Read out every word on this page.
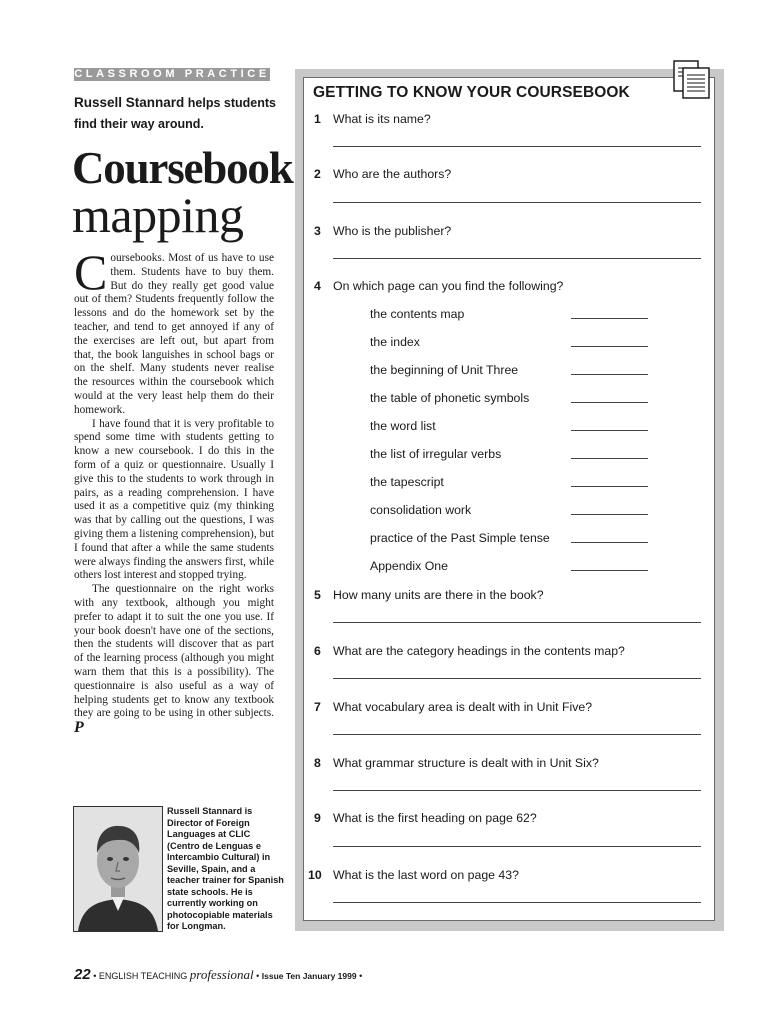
CLASSROOM PRACTICE
Russell Stannard helps students find their way around.
Coursebook
mapping

C oursebooks. Most of us have to use them. Students have to buy them. But do they really get good value out of them? Students frequently follow the lessons and do the homework set by the teacher, and tend to get annoyed if any of the exercises are left out, but apart from that, the book languishes in school bags or on the shelf. Many students never realise the resources within the coursebook which would at the very least help them do their homework.

I have found that it is very profitable to spend some time with students getting to know a new coursebook. I do this in the form of a quiz or questionnaire. Usually I give this to the students to work through in pairs, as a reading comprehension. I have used it as a competitive quiz (my thinking was that by calling out the questions, I was giving them a listening comprehension), but I found that after a while the same students were always finding the answers first, while others lost interest and stopped trying.

The questionnaire on the right works with any textbook, although you might prefer to adapt it to suit the one you use. If your book doesn't have one of the sections, then the students will discover that as part of the learning process (although you might warn them that this is a possibility). The questionnaire is also useful as a way of helping students get to know any textbook they are going to be using in other subjects. P

Russell Stannard is Director of Foreign Languages at CLIC (Centro de Lenguas e Intercambio Cultural) in Seville, Spain, and a teacher trainer for Spanish state schools. He is currently working on photocopiable materials for Longman.
22 • ENGLISH TEACHING professional • Issue Ten January 1999 •
GETTING TO KNOW YOUR COURSEBOOK
1 What is its name?
2 Who are the authors?
3 Who is the publisher?
4 On which page can you find the following?
the contents map
the index
the beginning of Unit Three
the table of phonetic symbols
the word list
the list of irregular verbs
the tapescript
consolidation work
practice of the Past Simple tense
Appendix One
5 How many units are there in the book?
6 What are the category headings in the contents map?
7 What vocabulary area is dealt with in Unit Five?
8 What grammar structure is dealt with in Unit Six?
9 What is the first heading on page 62?
10 What is the last word on page 43?
